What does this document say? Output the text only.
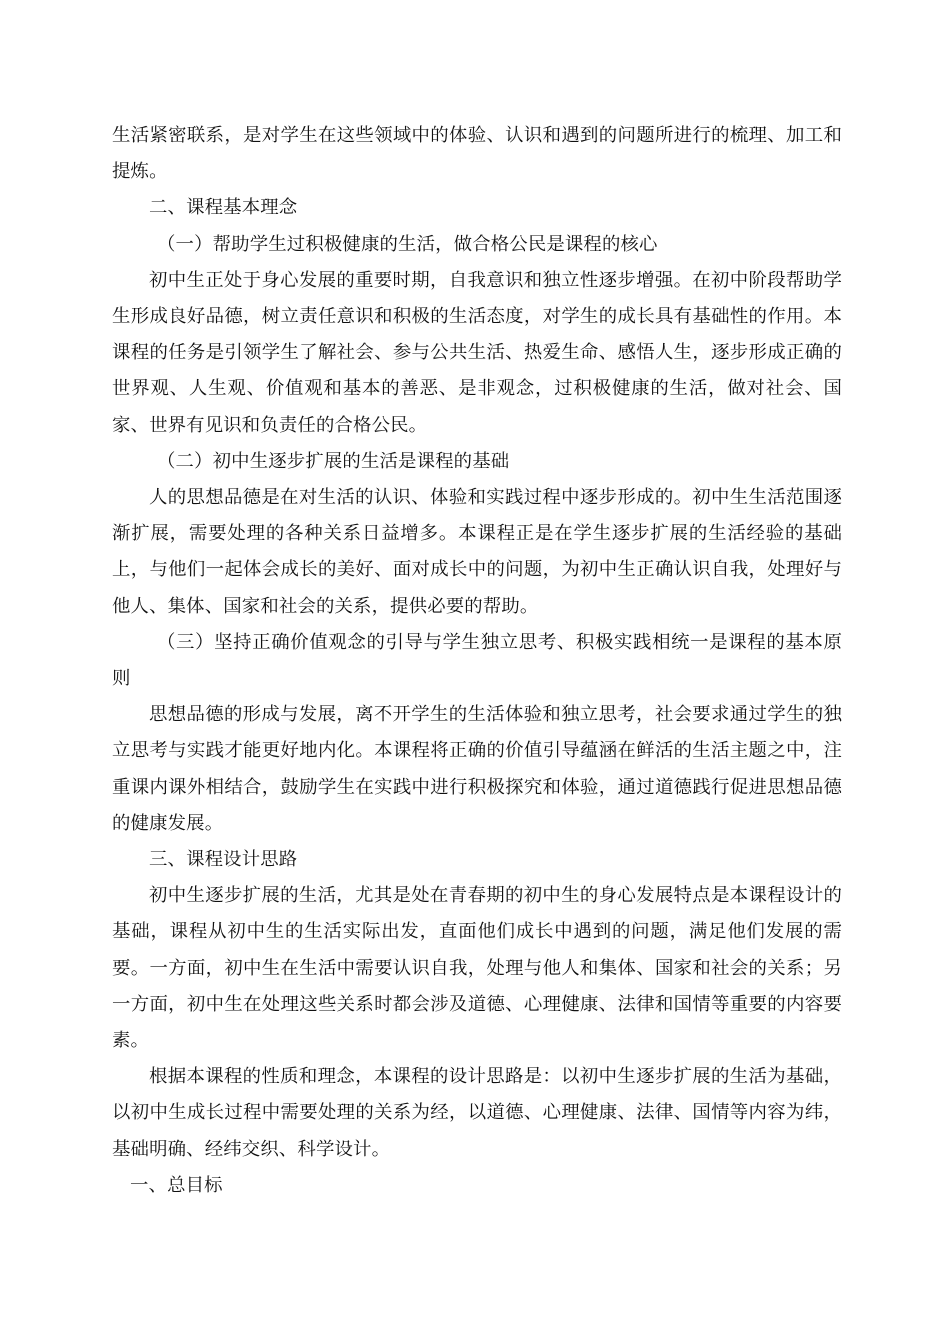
生活紧密联系，是对学生在这些领域中的体验、认识和遇到的问题所进行的梳理、加工和提炼。

二、课程基本理念

（一）帮助学生过积极健康的生活，做合格公民是课程的核心

初中生正处于身心发展的重要时期，自我意识和独立性逐步增强。在初中阶段帮助学生形成良好品德，树立责任意识和积极的生活态度，对学生的成长具有基础性的作用。本课程的任务是引领学生了解社会、参与公共生活、热爱生命、感悟人生，逐步形成正确的世界观、人生观、价值观和基本的善恶、是非观念，过积极健康的生活，做对社会、国家、世界有见识和负责任的合格公民。

（二）初中生逐步扩展的生活是课程的基础

人的思想品德是在对生活的认识、体验和实践过程中逐步形成的。初中生生活范围逐渐扩展，需要处理的各种关系日益增多。本课程正是在学生逐步扩展的生活经验的基础上，与他们一起体会成长的美好、面对成长中的问题，为初中生正确认识自我，处理好与他人、集体、国家和社会的关系，提供必要的帮助。

（三）坚持正确价值观念的引导与学生独立思考、积极实践相统一是课程的基本原则

思想品德的形成与发展，离不开学生的生活体验和独立思考，社会要求通过学生的独立思考与实践才能更好地内化。本课程将正确的价值引导蕴涵在鲜活的生活主题之中，注重课内课外相结合，鼓励学生在实践中进行积极探究和体验，通过道德践行促进思想品德的健康发展。

三、课程设计思路

初中生逐步扩展的生活，尤其是处在青春期的初中生的身心发展特点是本课程设计的基础，课程从初中生的生活实际出发，直面他们成长中遇到的问题，满足他们发展的需要。一方面，初中生在生活中需要认识自我，处理与他人和集体、国家和社会的关系；另一方面，初中生在处理这些关系时都会涉及道德、心理健康、法律和国情等重要的内容要素。

根据本课程的性质和理念，本课程的设计思路是：以初中生逐步扩展的生活为基础，以初中生成长过程中需要处理的关系为经，以道德、心理健康、法律、国情等内容为纬，基础明确、经纬交织、科学设计。

一、总目标
